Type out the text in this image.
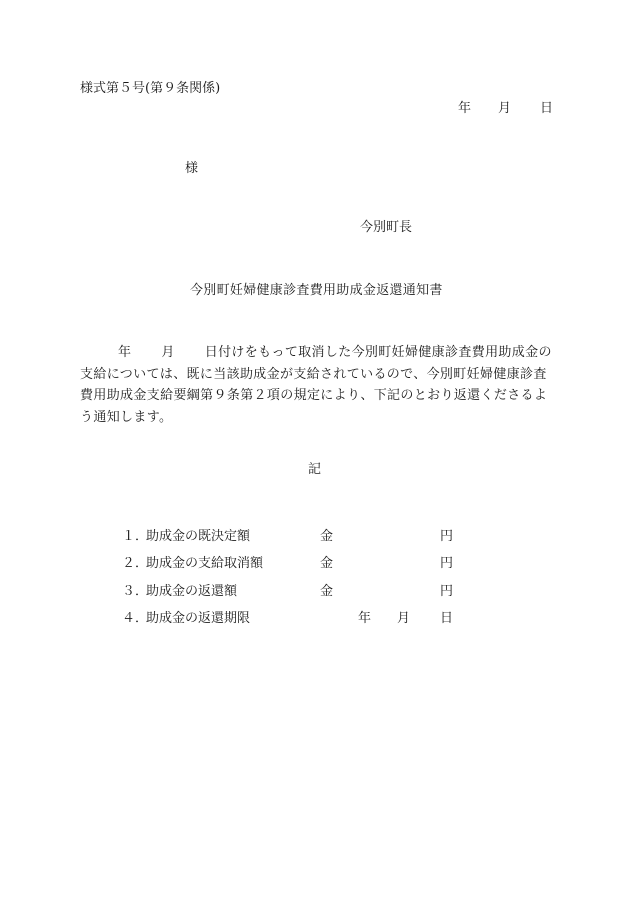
様式第５号(第９条関係)
年 月 日
様
今別町長
今別町妊婦健康診査費用助成金返還通知書
年 月 日付けをもって取消した今別町妊婦健康診査費用助成金の支給については、既に当該助成金が支給されているので、今別町妊婦健康診査費用助成金支給要綱第９条第２項の規定により、下記のとおり返還くださるよう通知します。
記
１．
助成金の既決定額	金	円
２．
助成金の支給取消額	金	円
３．
助成金の返還額	金	円
４．
助成金の返還期限	年 月 日
